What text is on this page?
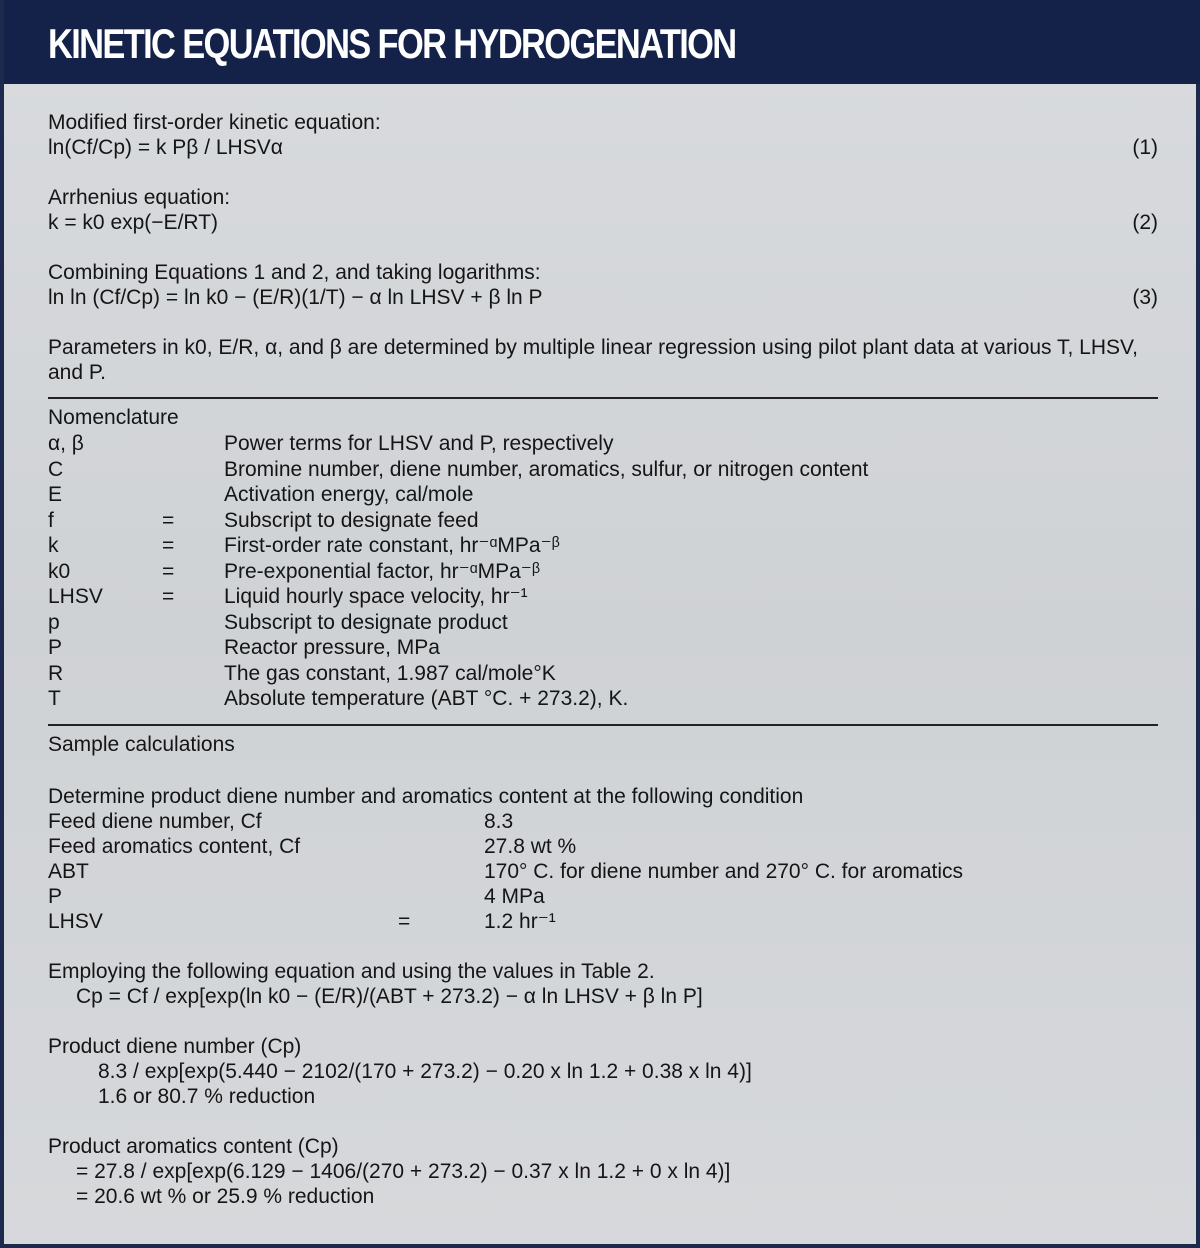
KINETIC EQUATIONS FOR HYDROGENATION
Modified first-order kinetic equation:
ln(Cf/Cp) = k Pβ / LHSVα	(1)
Arrhenius equation:
k = k0 exp(−E/RT)	(2)
Combining Equations 1 and 2, and taking logarithms:
ln ln (Cf/Cp) = ln k0 − (E/R)(1/T) − α ln LHSV + β ln P	(3)
Parameters in k0, E/R, α, and β are determined by multiple linear regression using pilot plant data at various T, LHSV, and P.
Nomenclature
α, β	Power terms for LHSV and P, respectively
C	Bromine number, diene number, aromatics, sulfur, or nitrogen content
E	Activation energy, cal/mole
f	= Subscript to designate feed
k	= First-order rate constant, hr⁻ᵅMPa⁻ᵝ
k0	= Pre-exponential factor, hr⁻ᵅMPa⁻ᵝ
LHSV	= Liquid hourly space velocity, hr⁻¹
p	Subscript to designate product
P	Reactor pressure, MPa
R	The gas constant, 1.987 cal/mole°K
T	Absolute temperature (ABT °C. + 273.2), K.
Sample calculations
Determine product diene number and aromatics content at the following condition
Feed diene number, Cf	8.3
Feed aromatics content, Cf	27.8 wt %
ABT	170° C. for diene number and 270° C. for aromatics
P	4 MPa
LHSV	=	1.2 hr⁻¹
Employing the following equation and using the values in Table 2.
Cp = Cf / exp[exp(ln k0 − (E/R)/(ABT + 273.2) − α ln LHSV + β ln P]
Product diene number (Cp)
8.3 / exp[exp(5.440 − 2102/(170 + 273.2) − 0.20 x ln 1.2 + 0.38 x ln 4)]
1.6 or 80.7 % reduction
Product aromatics content (Cp)
= 27.8 / exp[exp(6.129 − 1406/(270 + 273.2) − 0.37 x ln 1.2 + 0 x ln 4)]
= 20.6 wt % or 25.9 % reduction
